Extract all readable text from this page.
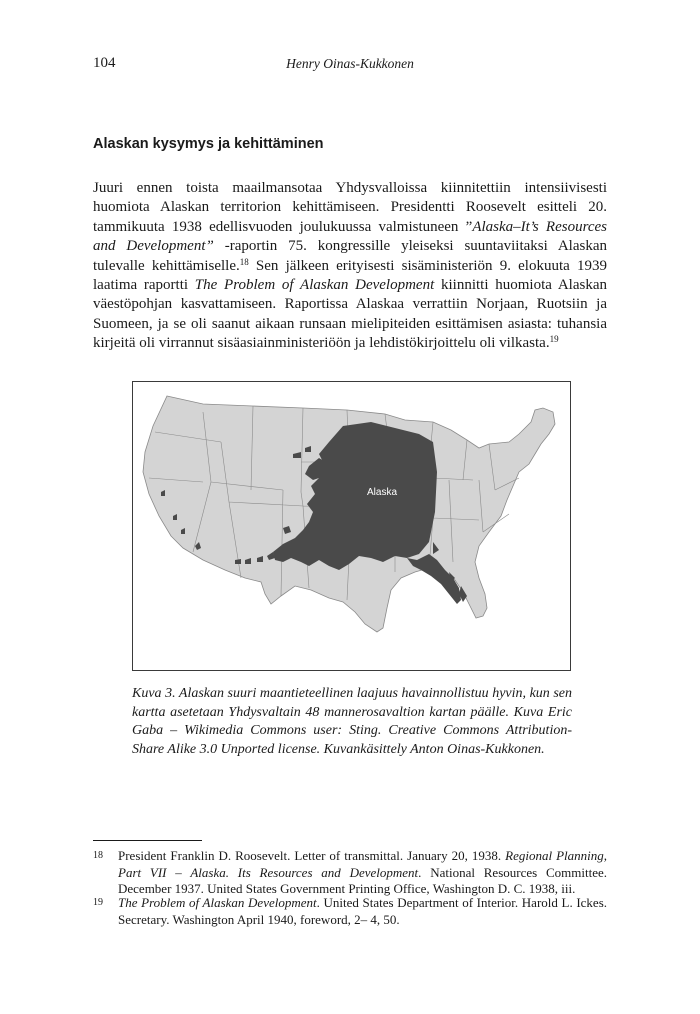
104	Henry Oinas-Kukkonen
Alaskan kysymys ja kehittäminen

Juuri ennen toista maailmansotaa Yhdysvalloissa kiinnitettiin intensiivisesti huomiota Alaskan territorion kehittämiseen. Presidentti Roosevelt esitteli 20. tammikuuta 1938 edellisvuoden joulukuussa valmistuneen ”Alaska–It’s Resources and Development” -raportin 75. kongressille yleiseksi suuntaviitaksi Alaskan tulevalle kehittämiselle.$^{18}$ Sen jälkeen erityisesti sisäministeriön 9. elokuuta 1939 laatima raportti The Problem of Alaskan Development kiinnitti huomiota Alaskan väestöpohjan kasvattamiseen. Raportissa Alaskaa verrattiin Norjaan, Ruotsiin ja Suomeen, ja se oli saanut aikaan runsaan mielipiteiden esittämisen asiasta: tuhansia kirjeitä oli virrannut sisäasiainministeriöön ja lehdistökirjoittelu oli vilkasta.$^{19}$

Alaska

Kuva 3. Alaskan suuri maantieteellinen laajuus havainnollistuu hyvin, kun sen kartta asetetaan Yhdysvaltain 48 mannerosavaltion kartan päälle. Kuva Eric Gaba – Wikimedia Commons user: Sting. Creative Commons Attribution-Share Alike 3.0 Unported license. Kuvankäsittely Anton Oinas-Kukkonen.

18 President Franklin D. Roosevelt. Letter of transmittal. January 20, 1938. Regional Planning, Part VII – Alaska. Its Resources and Development. National Resources Committee. December 1937. United States Government Printing Office, Washington D. C. 1938, iii.
19 The Problem of Alaskan Development. United States Department of Interior. Harold L. Ickes. Secretary. Washington April 1940, foreword, 2– 4, 50.
